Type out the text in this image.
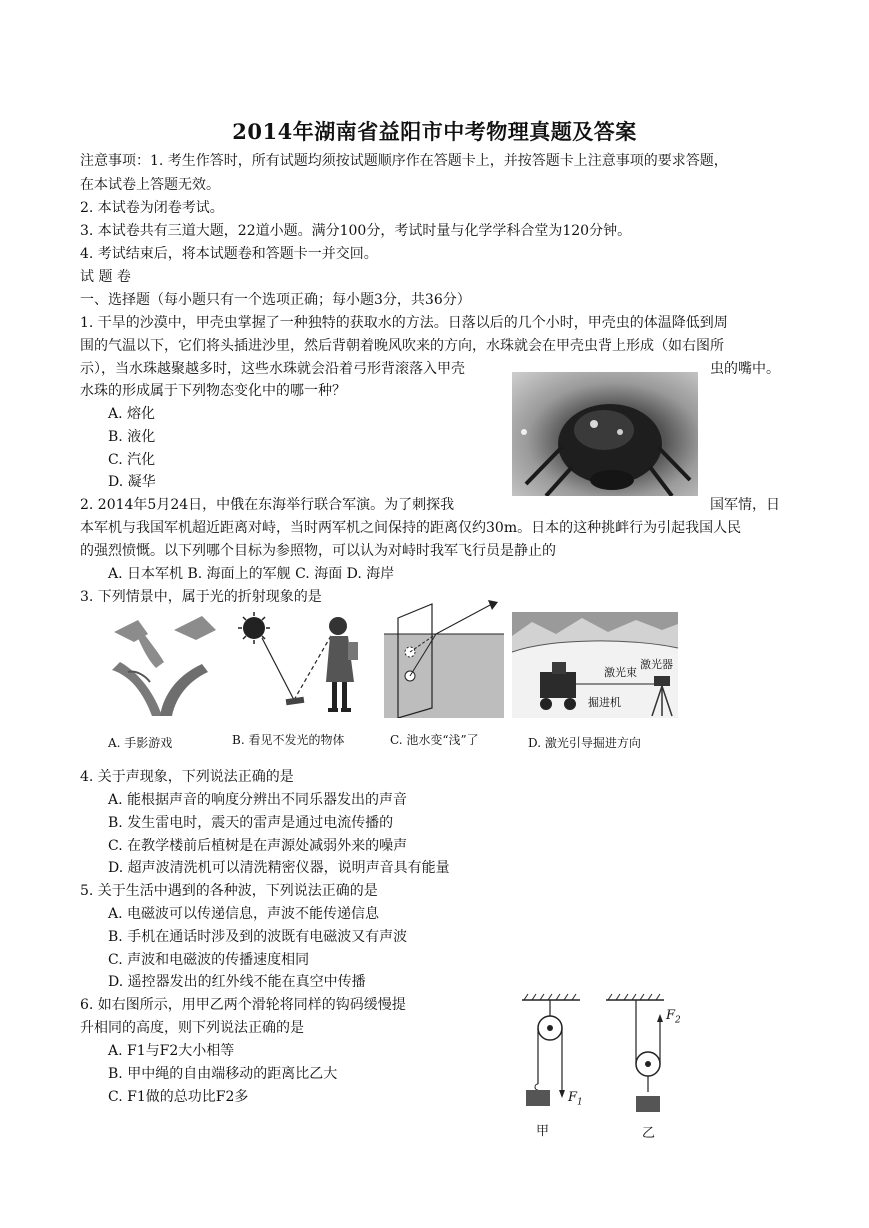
2014年湖南省益阳市中考物理真题及答案
注意事项：1. 考生作答时，所有试题均须按试题顺序作在答题卡上，并按答题卡上注意事项的要求答题，
在本试卷上答题无效。
2. 本试卷为闭卷考试。
3. 本试卷共有三道大题，22道小题。满分100分，考试时量与化学学科合堂为120分钟。
4. 考试结束后，将本试题卷和答题卡一并交回。
试 题 卷
一、选择题（每小题只有一个选项正确；每小题3分，共36分）
1. 干旱的沙漠中，甲壳虫掌握了一种独特的获取水的方法。日落以后的几个小时，甲壳虫的体温降低到周
围的气温以下，它们将头插进沙里，然后背朝着晚风吹来的方向，水珠就会在甲壳虫背上形成（如右图所
示），当水珠越聚越多时，这些水珠就会沿着弓形背滚落入甲壳	虫的嘴中。
水珠的形成属于下列物态变化中的哪一种？
A. 熔化
B. 液化
C. 汽化
D. 凝华
2. 2014年5月24日，中俄在东海举行联合军演。为了刺探我	国军情，日
本军机与我国军机超近距离对峙，当时两军机之间保持的距离仅约30m。日本的这种挑衅行为引起我国人民
的强烈愤慨。以下列哪个目标为参照物，可以认为对峙时我军飞行员是静止的
A. 日本军机 B. 海面上的军舰 C. 海面 D. 海岸
3. 下列情景中，属于光的折射现象的是
激光束
激光器
掘进机
A. 手影游戏	B. 看见不发光的物体	C. 池水变“浅”了	D. 激光引导掘进方向
4. 关于声现象，下列说法正确的是
A. 能根据声音的响度分辨出不同乐器发出的声音
B. 发生雷电时，震天的雷声是通过电流传播的
C. 在教学楼前后植树是在声源处减弱外来的噪声
D. 超声波清洗机可以清洗精密仪器，说明声音具有能量
5. 关于生活中遇到的各种波，下列说法正确的是
A. 电磁波可以传递信息，声波不能传递信息
B. 手机在通话时涉及到的波既有电磁波又有声波
C. 声波和电磁波的传播速度相同
D. 遥控器发出的红外线不能在真空中传播
6. 如右图所示，用甲乙两个滑轮将同样的钩码缓慢提
升相同的高度，则下列说法正确的是
A. F1与F2大小相等
B. 甲中绳的自由端移动的距离比乙大
C. F1做的总功比F2多	$F_1$
$F_2$
甲	乙
